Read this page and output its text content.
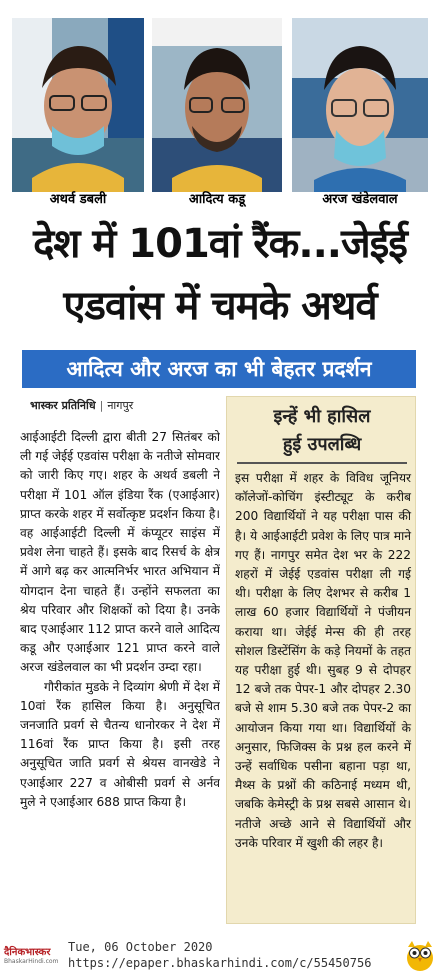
अथर्व डबली	आदित्य कडू	अरज खंडेलवाल
देश में 101वां रैंक...जेईई
एडवांस में चमके अथर्व
आदित्य और अरज का भी बेहतर प्रदर्शन
भास्कर प्रतिनिधि | नागपुर

आईआईटी दिल्ली द्वारा बीती 27 सितंबर को ली गई जेईई एडवांस परीक्षा के नतीजे सोमवार को जारी किए गए। शहर के अथर्व डबली ने परीक्षा में 101 ऑल इंडिया रैंक (एआईआर) प्राप्त करके शहर में सर्वोत्कृष्ट प्रदर्शन किया है। वह आईआईटी दिल्ली में कंप्यूटर साइंस में प्रवेश लेना चाहते हैं। इसके बाद रिसर्च के क्षेत्र में आगे बढ़ कर आत्मनिर्भर भारत अभियान में योगदान देना चाहते हैं। उन्होंने सफलता का श्रेय परिवार और शिक्षकों को दिया है। उनके बाद एआईआर 112 प्राप्त करने वाले आदित्य कडू और एआईआर 121 प्राप्त करने वाले अरज खंडेलवाल का भी प्रदर्शन उम्दा रहा।

गौरीकांत मुडके ने दिव्यांग श्रेणी में देश में 10वां रैंक हासिल किया है। अनुसूचित जनजाति प्रवर्ग से चैतन्य धानोरकर ने देश में 116वां रैंक प्राप्त किया है। इसी तरह अनुसूचित जाति प्रवर्ग से श्रेयस वानखेडे ने एआईआर 227 व ओबीसी प्रवर्ग से अर्नव मुले ने एआईआर 688 प्राप्त किया है।

इन्हें भी हासिल
हुई उपलब्धि
इस परीक्षा में शहर के विविध जूनियर कॉलेजों-कोचिंग इंस्टीट्यूट के करीब 200 विद्यार्थियों ने यह परीक्षा पास की है। ये आईआईटी प्रवेश के लिए पात्र माने गए हैं। नागपुर समेत देश भर के 222 शहरों में जेईई एडवांस परीक्षा ली गई थी। परीक्षा के लिए देशभर से करीब 1 लाख 60 हजार विद्यार्थियों ने पंजीयन कराया था। जेईई मेन्स की ही तरह सोशल डिस्टेंसिंग के कड़े नियमों के तहत यह परीक्षा हुई थी। सुबह 9 से दोपहर 12 बजे तक पेपर-1 और दोपहर 2.30 बजे से शाम 5.30 बजे तक पेपर-2 का आयोजन किया गया था। विद्यार्थियों के अनुसार, फिजिक्स के प्रश्न हल करने में उन्हें सर्वाधिक पसीना बहाना पड़ा था, मैथ्स के प्रश्नों की कठिनाई मध्यम थी, जबकि केमेस्ट्री के प्रश्न सबसे आसान थे। नतीजे अच्छे आने से विद्यार्थियों और उनके परिवार में खुशी की लहर है।
दैनिकभास्कर
BhaskarHindi.com
Tue, 06 October 2020
https://epaper.bhaskarhindi.com/c/55450756
